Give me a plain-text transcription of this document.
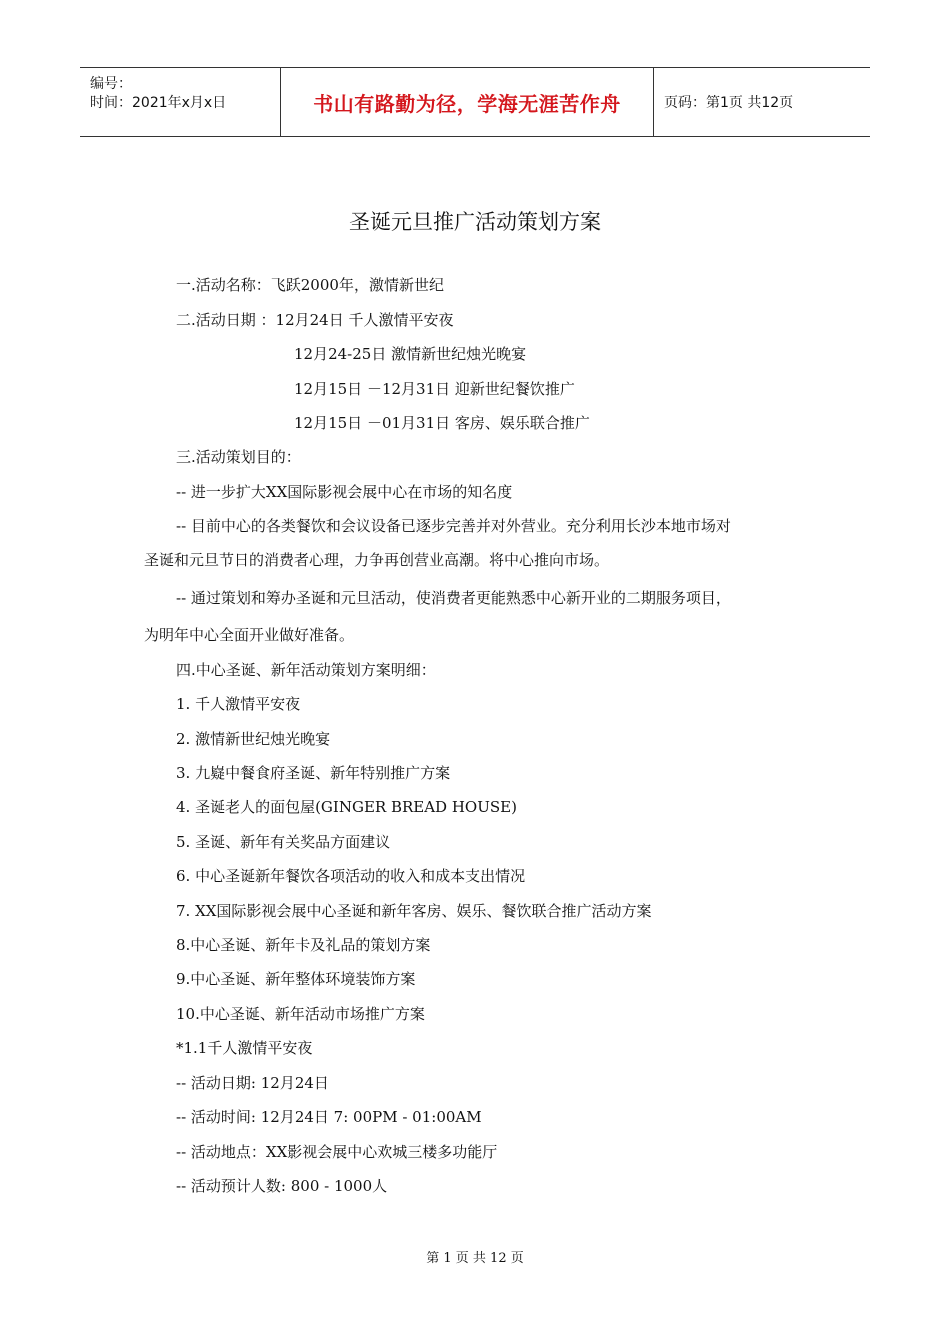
编号：
时间：2021年x月x日	书山有路勤为径，学海无涯苦作舟	页码：第1页 共12页
圣诞元旦推广活动策划方案
一.活动名称：飞跃2000年，激情新世纪
二.活动日期 ：12月24日 千人激情平安夜
12月24-25日 激情新世纪烛光晚宴
12月15日 －12月31日 迎新世纪餐饮推广
12月15日 －01月31日 客房、娱乐联合推广
三.活动策划目的：
-- 进一步扩大XX国际影视会展中心在市场的知名度
-- 目前中心的各类餐饮和会议设备已逐步完善并对外营业。充分利用长沙本地市场对
圣诞和元旦节日的消费者心理，力争再创营业高潮。将中心推向市场。
-- 通过策划和筹办圣诞和元旦活动，使消费者更能熟悉中心新开业的二期服务项目，
为明年中心全面开业做好准备。
四.中心圣诞、新年活动策划方案明细：
1. 千人激情平安夜
2. 激情新世纪烛光晚宴
3. 九嶷中餐食府圣诞、新年特别推广方案
4. 圣诞老人的面包屋(GINGER BREAD HOUSE)
5. 圣诞、新年有关奖品方面建议
6. 中心圣诞新年餐饮各项活动的收入和成本支出情况
7. XX国际影视会展中心圣诞和新年客房、娱乐、餐饮联合推广活动方案
8.中心圣诞、新年卡及礼品的策划方案
9.中心圣诞、新年整体环境装饰方案
10.中心圣诞、新年活动市场推广方案
*1.1千人激情平安夜
-- 活动日期: 12月24日
-- 活动时间: 12月24日 7: 00PM - 01:00AM
-- 活动地点：XX影视会展中心欢城三楼多功能厅
-- 活动预计人数: 800 - 1000人
第 1 页 共 12 页
